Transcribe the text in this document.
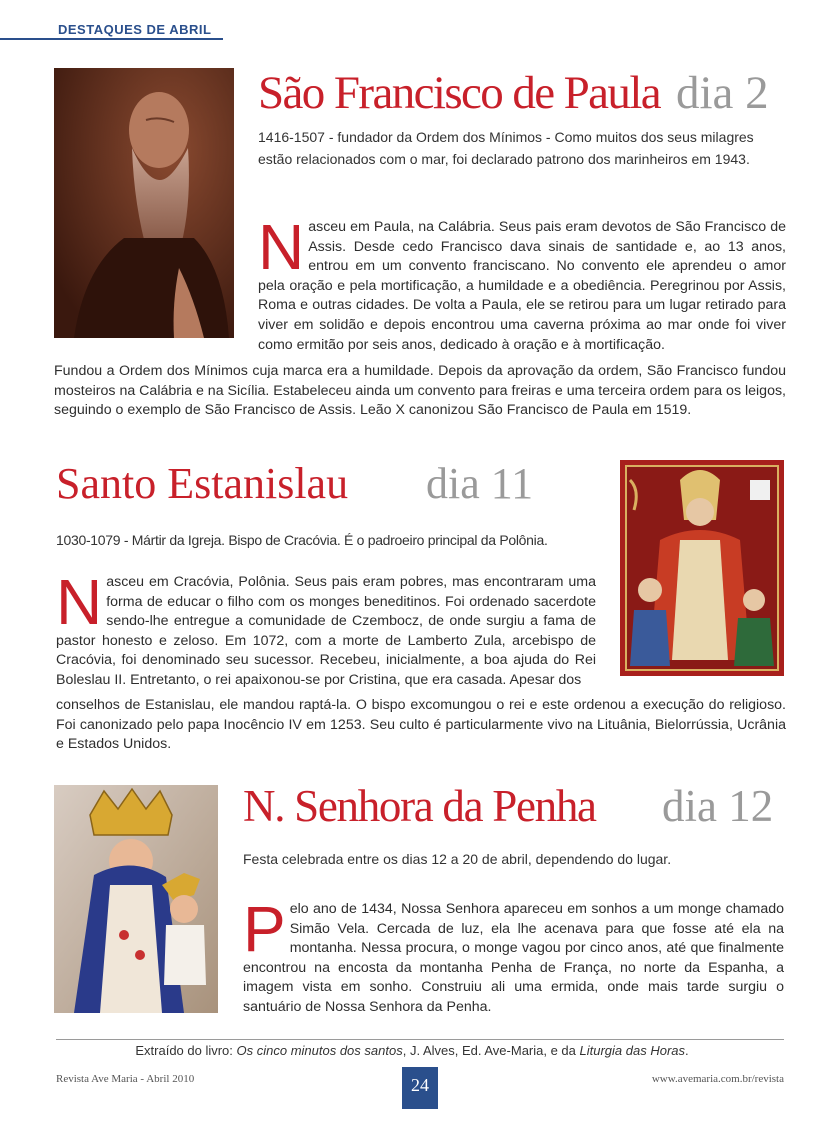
DESTAQUES DE ABRIL
São Francisco de Paula dia 2
1416-1507 - fundador da Ordem dos Mínimos - Como muitos dos seus milagres estão relacionados com o mar, foi declarado patrono dos marinheiros em 1943.
Nasceu em Paula, na Calábria. Seus pais eram devotos de São Francisco de Assis. Desde cedo Francisco dava sinais de santidade e, ao 13 anos, entrou em um convento franciscano. No convento ele aprendeu o amor pela oração e pela mortificação, a humildade e a obediência. Peregrinou por Assis, Roma e outras cidades. De volta a Paula, ele se retirou para um lugar retirado para viver em solidão e depois encontrou uma caverna próxima ao mar onde foi viver como ermitão por seis anos, dedicado à oração e à mortificação.
Fundou a Ordem dos Mínimos cuja marca era a humildade. Depois da aprovação da ordem, São Francisco fundou mosteiros na Calábria e na Sicília. Estabeleceu ainda um convento para freiras e uma terceira ordem para os leigos, seguindo o exemplo de São Francisco de Assis. Leão X canonizou São Francisco de Paula em 1519.
Santo Estanislau dia 11
1030-1079 - Mártir da Igreja. Bispo de Cracóvia. É o padroeiro principal da Polônia.
Nasceu em Cracóvia, Polônia. Seus pais eram pobres, mas encontraram uma forma de educar o filho com os monges beneditinos. Foi ordenado sacerdote sendo-lhe entregue a comunidade de Czembocz, de onde surgiu a fama de pastor honesto e zeloso. Em 1072, com a morte de Lamberto Zula, arcebispo de Cracóvia, foi denominado seu sucessor. Recebeu, inicialmente, a boa ajuda do Rei Boleslau II. Entretanto, o rei apaixonou-se por Cristina, que era casada. Apesar dos
conselhos de Estanislau, ele mandou raptá-la. O bispo excomungou o rei e este ordenou a execução do religioso. Foi canonizado pelo papa Inocêncio IV em 1253. Seu culto é particularmente vivo na Lituânia, Bielorrússia, Ucrânia e Estados Unidos.
N. Senhora da Penha dia 12
Festa celebrada entre os dias 12 a 20 de abril, dependendo do lugar.
Pelo ano de 1434, Nossa Senhora apareceu em sonhos a um monge chamado Simão Vela. Cercada de luz, ela lhe acenava para que fosse até ela na montanha. Nessa procura, o monge vagou por cinco anos, até que finalmente encontrou na encosta da montanha Penha de França, no norte da Espanha, a imagem vista em sonho. Construiu ali uma ermida, onde mais tarde surgiu o santuário de Nossa Senhora da Penha.
Extraído do livro: Os cinco minutos dos santos, J. Alves, Ed. Ave-Maria, e da Liturgia das Horas.
Revista Ave Maria - Abril 2010	24	www.avemaria.com.br/revista
